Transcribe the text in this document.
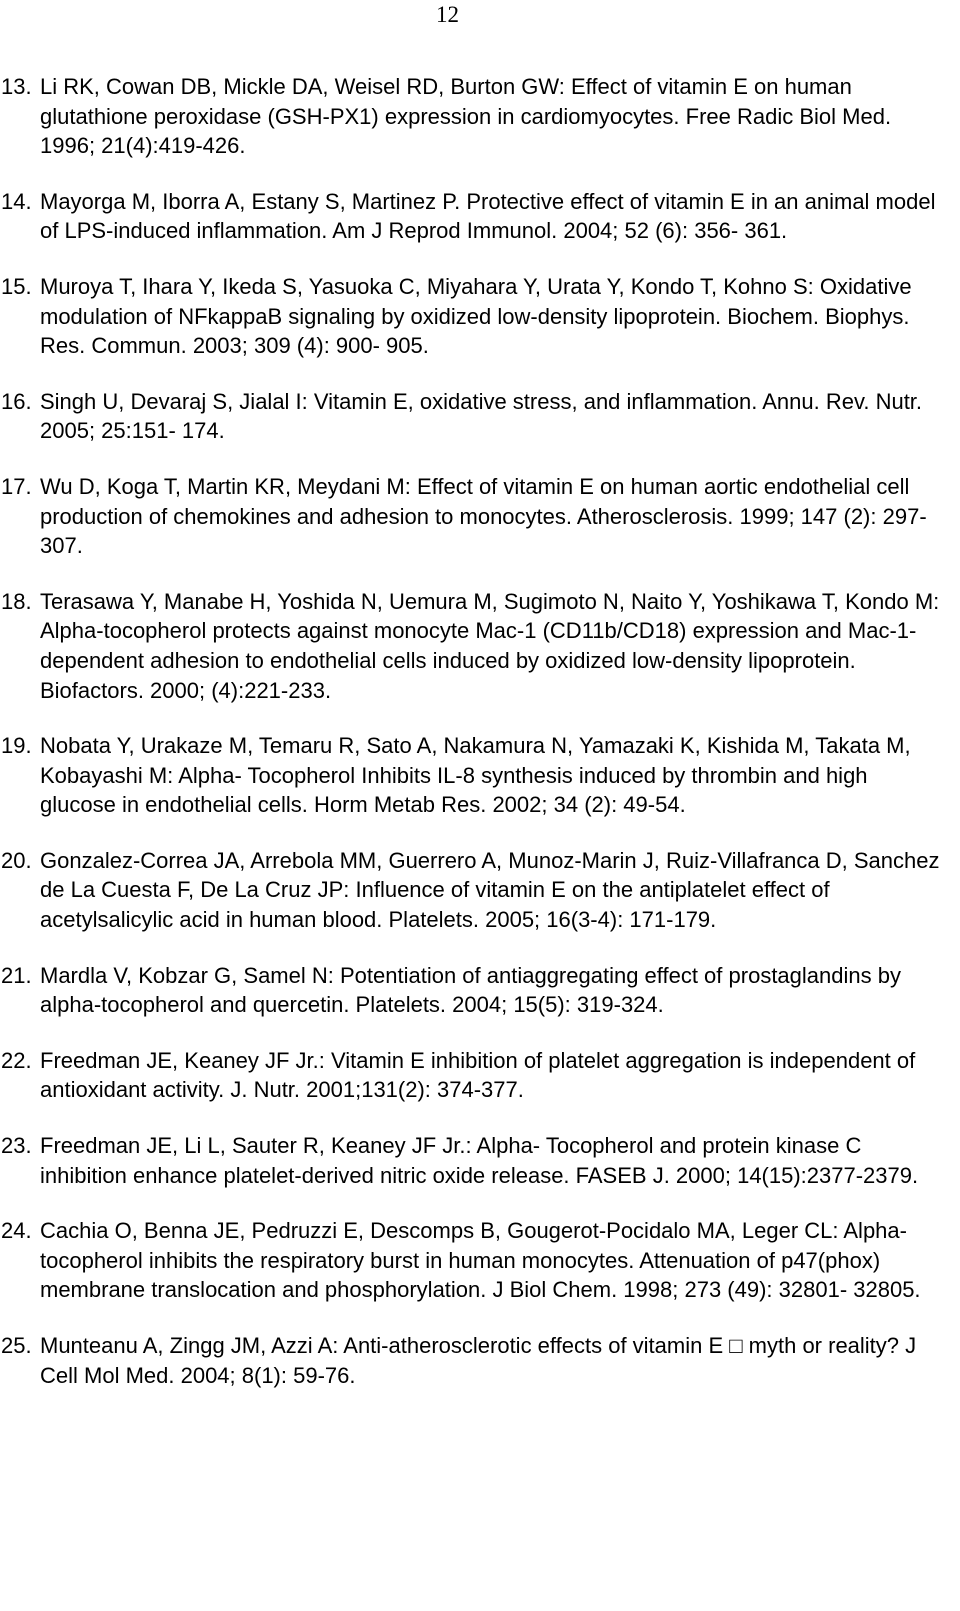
12
13. Li RK, Cowan DB, Mickle DA, Weisel RD, Burton GW: Effect of vitamin E on human glutathione peroxidase (GSH-PX1) expression in cardiomyocytes. Free Radic Biol Med. 1996; 21(4):419-426.
14. Mayorga M, Iborra A, Estany S, Martinez P. Protective effect of vitamin E in an animal model of LPS-induced inflammation. Am J Reprod Immunol. 2004; 52 (6): 356- 361.
15. Muroya T, Ihara Y, Ikeda S, Yasuoka C, Miyahara Y, Urata Y, Kondo T, Kohno S: Oxidative modulation of NFkappaB signaling by oxidized low-density lipoprotein. Biochem. Biophys. Res. Commun. 2003; 309 (4): 900- 905.
16. Singh U, Devaraj S, Jialal I: Vitamin E, oxidative stress, and inflammation. Annu. Rev. Nutr. 2005; 25:151- 174.
17. Wu D, Koga T, Martin KR, Meydani M: Effect of vitamin E on human aortic endothelial cell production of chemokines and adhesion to monocytes. Atherosclerosis. 1999; 147 (2): 297-307.
18. Terasawa Y, Manabe H, Yoshida N, Uemura M, Sugimoto N, Naito Y, Yoshikawa T, Kondo M: Alpha-tocopherol protects against monocyte Mac-1 (CD11b/CD18) expression and Mac-1-dependent adhesion to endothelial cells induced by oxidized low-density lipoprotein. Biofactors. 2000; (4):221-233.
19. Nobata Y, Urakaze M, Temaru R, Sato A, Nakamura N, Yamazaki K, Kishida M, Takata M, Kobayashi M: Alpha- Tocopherol Inhibits IL-8 synthesis induced by thrombin and high glucose in endothelial cells. Horm Metab Res. 2002; 34 (2): 49-54.
20. Gonzalez-Correa JA, Arrebola MM, Guerrero A, Munoz-Marin J, Ruiz-Villafranca D, Sanchez de La Cuesta F, De La Cruz JP: Influence of vitamin E on the antiplatelet effect of acetylsalicylic acid in human blood. Platelets. 2005; 16(3-4): 171-179.
21. Mardla V, Kobzar G, Samel N: Potentiation of antiaggregating effect of prostaglandins by alpha-tocopherol and quercetin. Platelets. 2004; 15(5): 319-324.
22. Freedman JE, Keaney JF Jr.: Vitamin E inhibition of platelet aggregation is independent of antioxidant activity. J. Nutr. 2001;131(2): 374-377.
23. Freedman JE, Li L, Sauter R, Keaney JF Jr.: Alpha- Tocopherol and protein kinase C inhibition enhance platelet-derived nitric oxide release. FASEB J. 2000; 14(15):2377-2379.
24. Cachia O, Benna JE, Pedruzzi E, Descomps B, Gougerot-Pocidalo MA, Leger CL: Alpha-tocopherol inhibits the respiratory burst in human monocytes. Attenuation of p47(phox) membrane translocation and phosphorylation. J Biol Chem. 1998; 273 (49): 32801- 32805.
25. Munteanu A, Zingg JM, Azzi A: Anti-atherosclerotic effects of vitamin E □ myth or reality? J Cell Mol Med. 2004; 8(1): 59-76.
